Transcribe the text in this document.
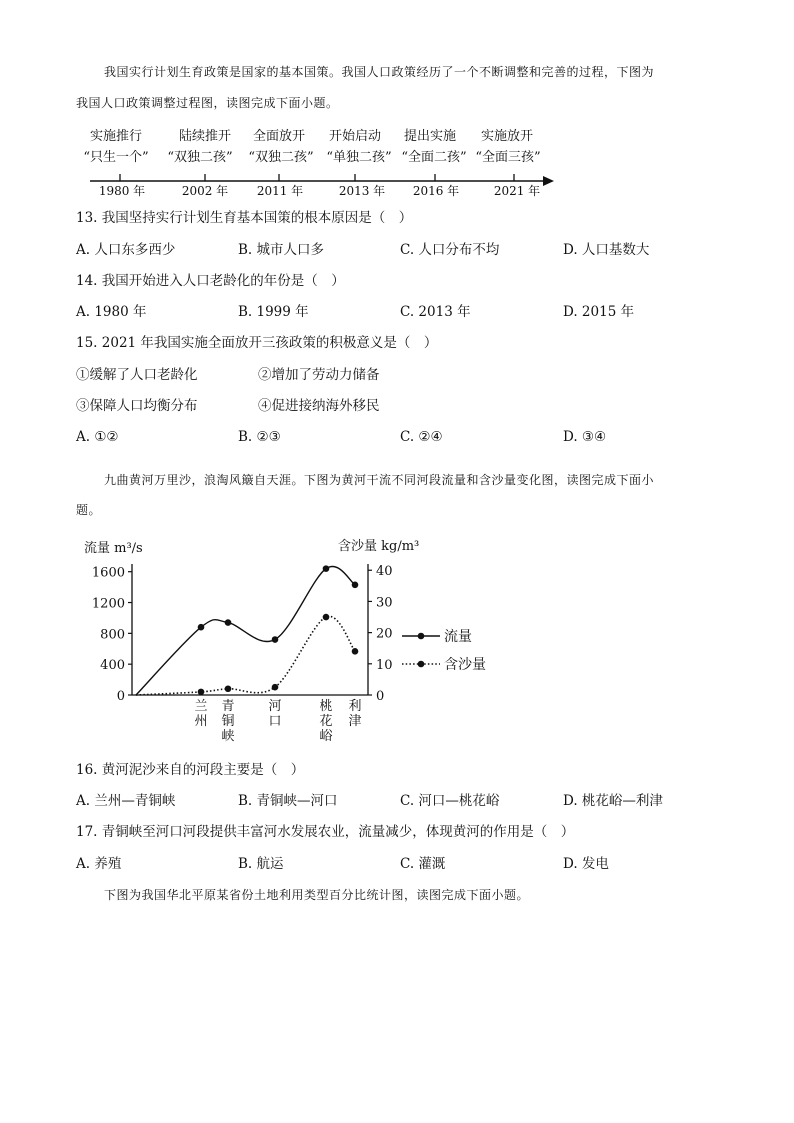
我国实行计划生育政策是国家的基本国策。我国人口政策经历了一个不断调整和完善的过程，下图为
我国人口政策调整过程图，读图完成下面小题。
实施推行	陆续推开 全面放开 开始启动 提出实施 实施放开
“只生一个” “双独二孩” “双独二孩” “单独二孩” “全面二孩” “全面三孩”
1980 年	2002 年 2011 年	2013 年 2016 年	2021 年
13. 我国坚持实行计划生育基本国策的根本原因是（　）
A. 人口东多西少	B. 城市人口多	C. 人口分布不均	D. 人口基数大
14. 我国开始进入人口老龄化的年份是（　）
A. 1980 年	B. 1999 年	C. 2013 年	D. 2015 年
15. 2021 年我国实施全面放开三孩政策的积极意义是（　）
①缓解了人口老龄化	②增加了劳动力储备
③保障人口均衡分布	④促进接纳海外移民
A. ①②	B. ②③	C. ②④	D. ③④
九曲黄河万里沙，浪淘风簸自天涯。下图为黄河干流不同河段流量和含沙量变化图，读图完成下面小
题。
流量 m³/s	含沙量 kg/m³
1600
1200
800
400
0
40
30
20
10
0
兰州
青铜峡
河口
桃花峪
利津
流量
含沙量
16. 黄河泥沙来自的河段主要是（　）
A. 兰州—青铜峡	B. 青铜峡—河口	C. 河口—桃花峪	D. 桃花峪—利津
17. 青铜峡至河口河段提供丰富河水发展农业，流量减少，体现黄河的作用是（　）
A. 养殖	B. 航运	C. 灌溉	D. 发电
下图为我国华北平原某省份土地利用类型百分比统计图，读图完成下面小题。
